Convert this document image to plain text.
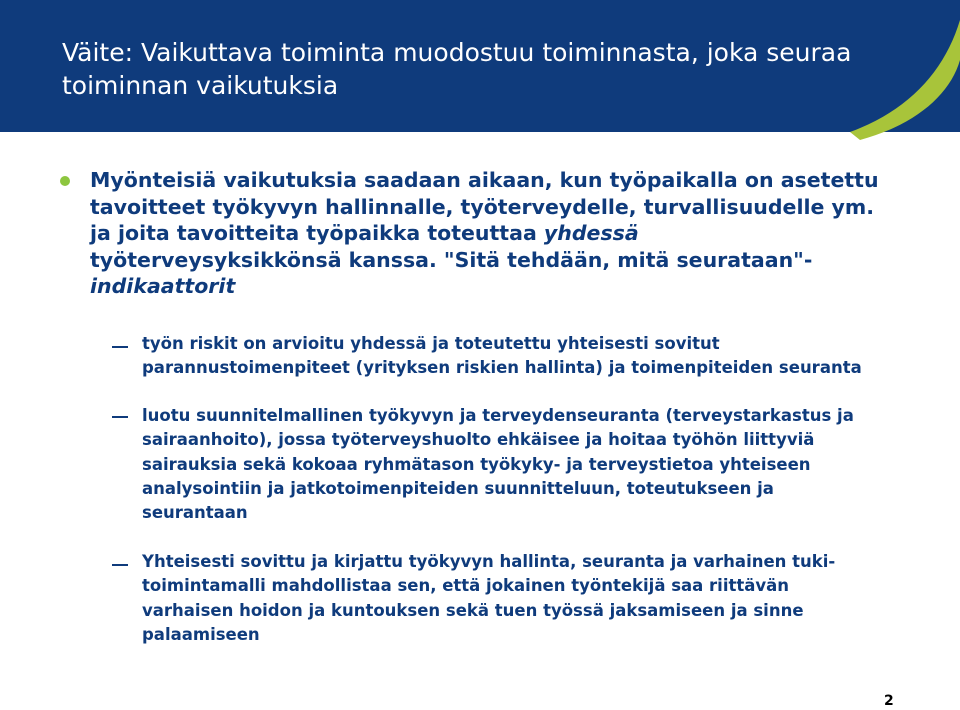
Väite: Vaikuttava toiminta muodostuu toiminnasta, joka seuraa toiminnan vaikutuksia
Myönteisiä vaikutuksia saadaan aikaan, kun työpaikalla on asetettu tavoitteet työkyvyn hallinnalle, työterveydelle, turvallisuudelle ym. ja joita tavoitteita työpaikka toteuttaa yhdessä työterveysyksikkönsä kanssa. "Sitä tehdään, mitä seurataan"- indikaattorit
työn riskit on arvioitu yhdessä ja toteutettu yhteisesti sovitut parannustoimenpiteet (yrityksen riskien hallinta) ja toimenpiteiden seuranta
luotu suunnitelmallinen työkyvyn ja terveydenseuranta (terveystarkastus ja sairaanhoito), jossa työterveyshuolto ehkäisee ja hoitaa työhön liittyviä sairauksia sekä kokoaa ryhmätason työkyky- ja terveystietoa yhteiseen analysointiin ja jatkotoimenpiteiden suunnitteluun, toteutukseen ja seurantaan
Yhteisesti sovittu ja kirjattu työkyvyn hallinta, seuranta ja varhainen tuki-toimintamalli mahdollistaa sen, että jokainen työntekijä saa riittävän varhaisen hoidon ja kuntouksen sekä tuen työssä jaksamiseen ja sinne palaamiseen
2
